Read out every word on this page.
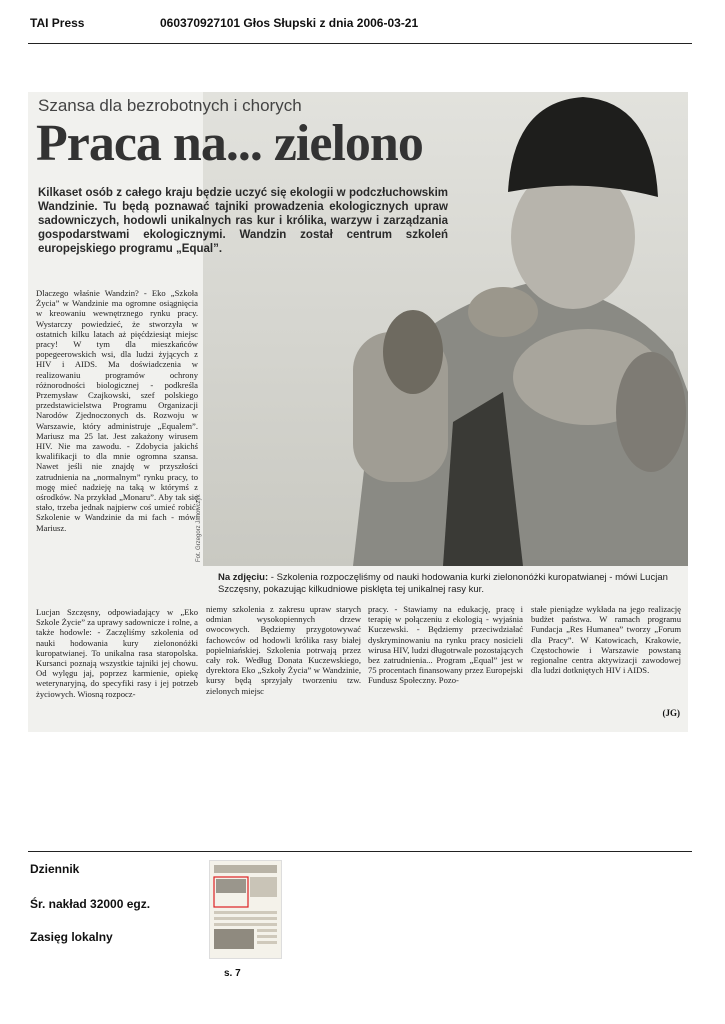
TAI Press	060370927101 Głos Słupski z dnia 2006-03-21
Szansa dla bezrobotnych i chorych
Praca na... zielono
Kilkaset osób z całego kraju będzie uczyć się ekologii w podczłuchowskim Wandzinie. Tu będą poznawać tajniki prowadzenia ekologicznych upraw sadowniczych, hodowli unikalnych ras kur i królika, warzyw i zarządzania gospodarstwami ekologicznymi. Wandzin został centrum szkoleń europejskiego programu „Equal”.
Dlaczego właśnie Wandzin? - Eko „Szkoła Życia” w Wandzinie ma ogromne osiągnięcia w kreowaniu wewnętrznego rynku pracy. Wystarczy powiedzieć, że stworzyła w ostatnich kilku latach aż pięćdziesiąt miejsc pracy! W tym dla mieszkańców popegeerowskich wsi, dla ludzi żyjących z HIV i AIDS. Ma doświadczenia w realizowaniu programów ochrony różnorodności biologicznej - podkreśla Przemysław Czajkowski, szef polskiego przedstawicielstwa Programu Organizacji Narodów Zjednoczonych ds. Rozwoju w Warszawie, który administruje „Equalem”. Mariusz ma 25 lat. Jest zakażony wirusem HIV. Nie ma zawodu. - Zdobycia jakichś kwalifikacji to dla mnie ogromna szansa. Nawet jeśli nie znajdę w przyszłości zatrudnienia na „normalnym” rynku pracy, to mogę mieć nadzieję na taką w którymś z ośrodków. Na przykład „Monaru”. Aby tak się stało, trzeba jednak najpierw coś umieć robić. Szkolenie w Wandzinie da mi fach - mówi Mariusz.	Fot. Grzegorz Janowczyk
Na zdjęciu: - Szkolenia rozpoczęliśmy od nauki hodowania kurki zielononóżki kuropatwianej - mówi Lucjan Szczęsny, pokazując kilkudniowe pisklęta tej unikalnej rasy kur.
Lucjan Szczęsny, odpowiadający w „Eko Szkole Życie” za uprawy sadownicze i rolne, a także hodowle: - Zaczęliśmy szkolenia od nauki hodowania kury zielononóżki kuropatwianej. To unikalna rasa staropolska. Kursanci poznają wszystkie tajniki jej chowu. Od wylęgu jaj, poprzez karmienie, opiekę weterynaryjną, do specyfiki rasy i jej potrzeb życiowych. Wiosną rozpocz-
niemy szkolenia z zakresu upraw starych odmian wysokopiennych drzew owocowych. Będziemy przygotowywać fachowców od hodowli królika rasy białej popielniańskiej. Szkolenia potrwają przez cały rok. Według Donata Kuczewskiego, dyrektora Eko „Szkoły Życia” w Wandzinie, kursy będą sprzyjały tworzeniu tzw. zielonych miejsc
pracy. - Stawiamy na edukację, pracę i terapię w połączeniu z ekologią - wyjaśnia Kuczewski. - Będziemy przeciwdziałać dyskryminowaniu na rynku pracy nosicieli wirusa HIV, ludzi długotrwale pozostających bez zatrudnienia... Program „Equal” jest w 75 procentach finansowany przez Europejski Fundusz Społeczny. Pozo-
stałe pieniądze wykłada na jego realizację budżet państwa. W ramach programu Fundacja „Res Humanea” tworzy „Forum dla Pracy”. W Katowicach, Krakowie, Częstochowie i Warszawie powstaną regionalne centra aktywizacji zawodowej dla ludzi dotkniętych HIV i AIDS.
(JG)
Dziennik
Śr. nakład 32000 egz.
Zasięg lokalny
s. 7
